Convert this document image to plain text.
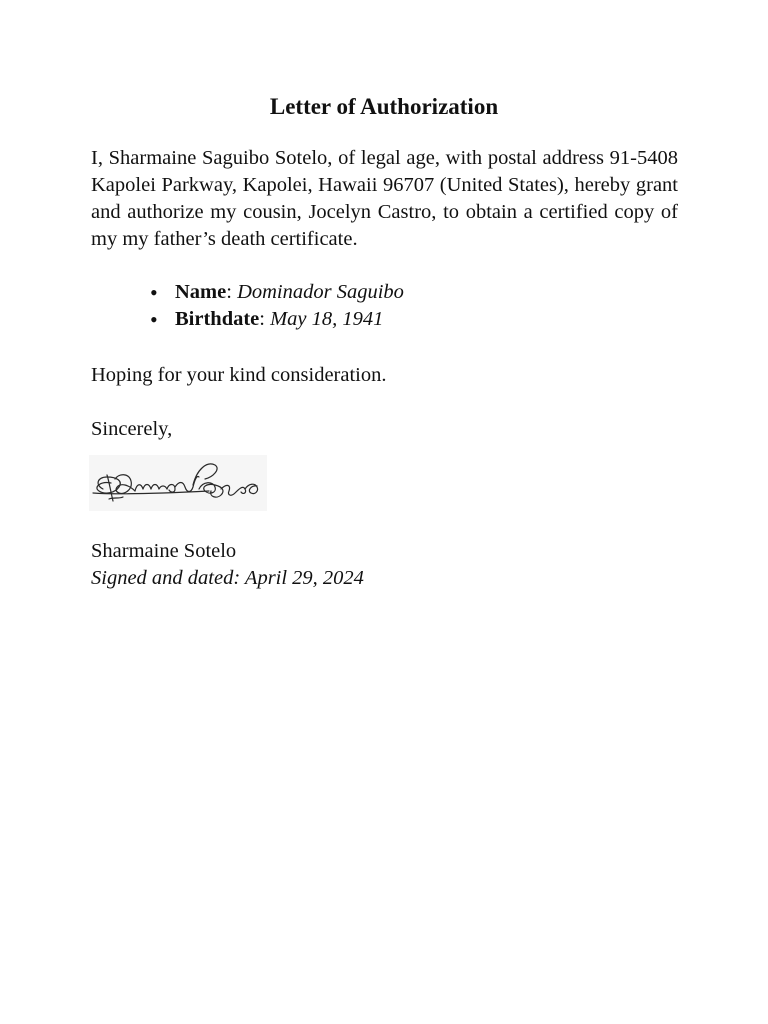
Letter of Authorization

I, Sharmaine Saguibo Sotelo, of legal age, with postal address 91-5408 Kapolei Parkway, Kapolei, Hawaii 96707 (United States), hereby grant and authorize my cousin, Jocelyn Castro, to obtain a certified copy of my my father’s death certificate.

• Name: Dominador Saguibo
• Birthdate: May 18, 1941
Hoping for your kind consideration.
Sincerely,
Sharmaine Sotelo
Signed and dated: April 29, 2024
